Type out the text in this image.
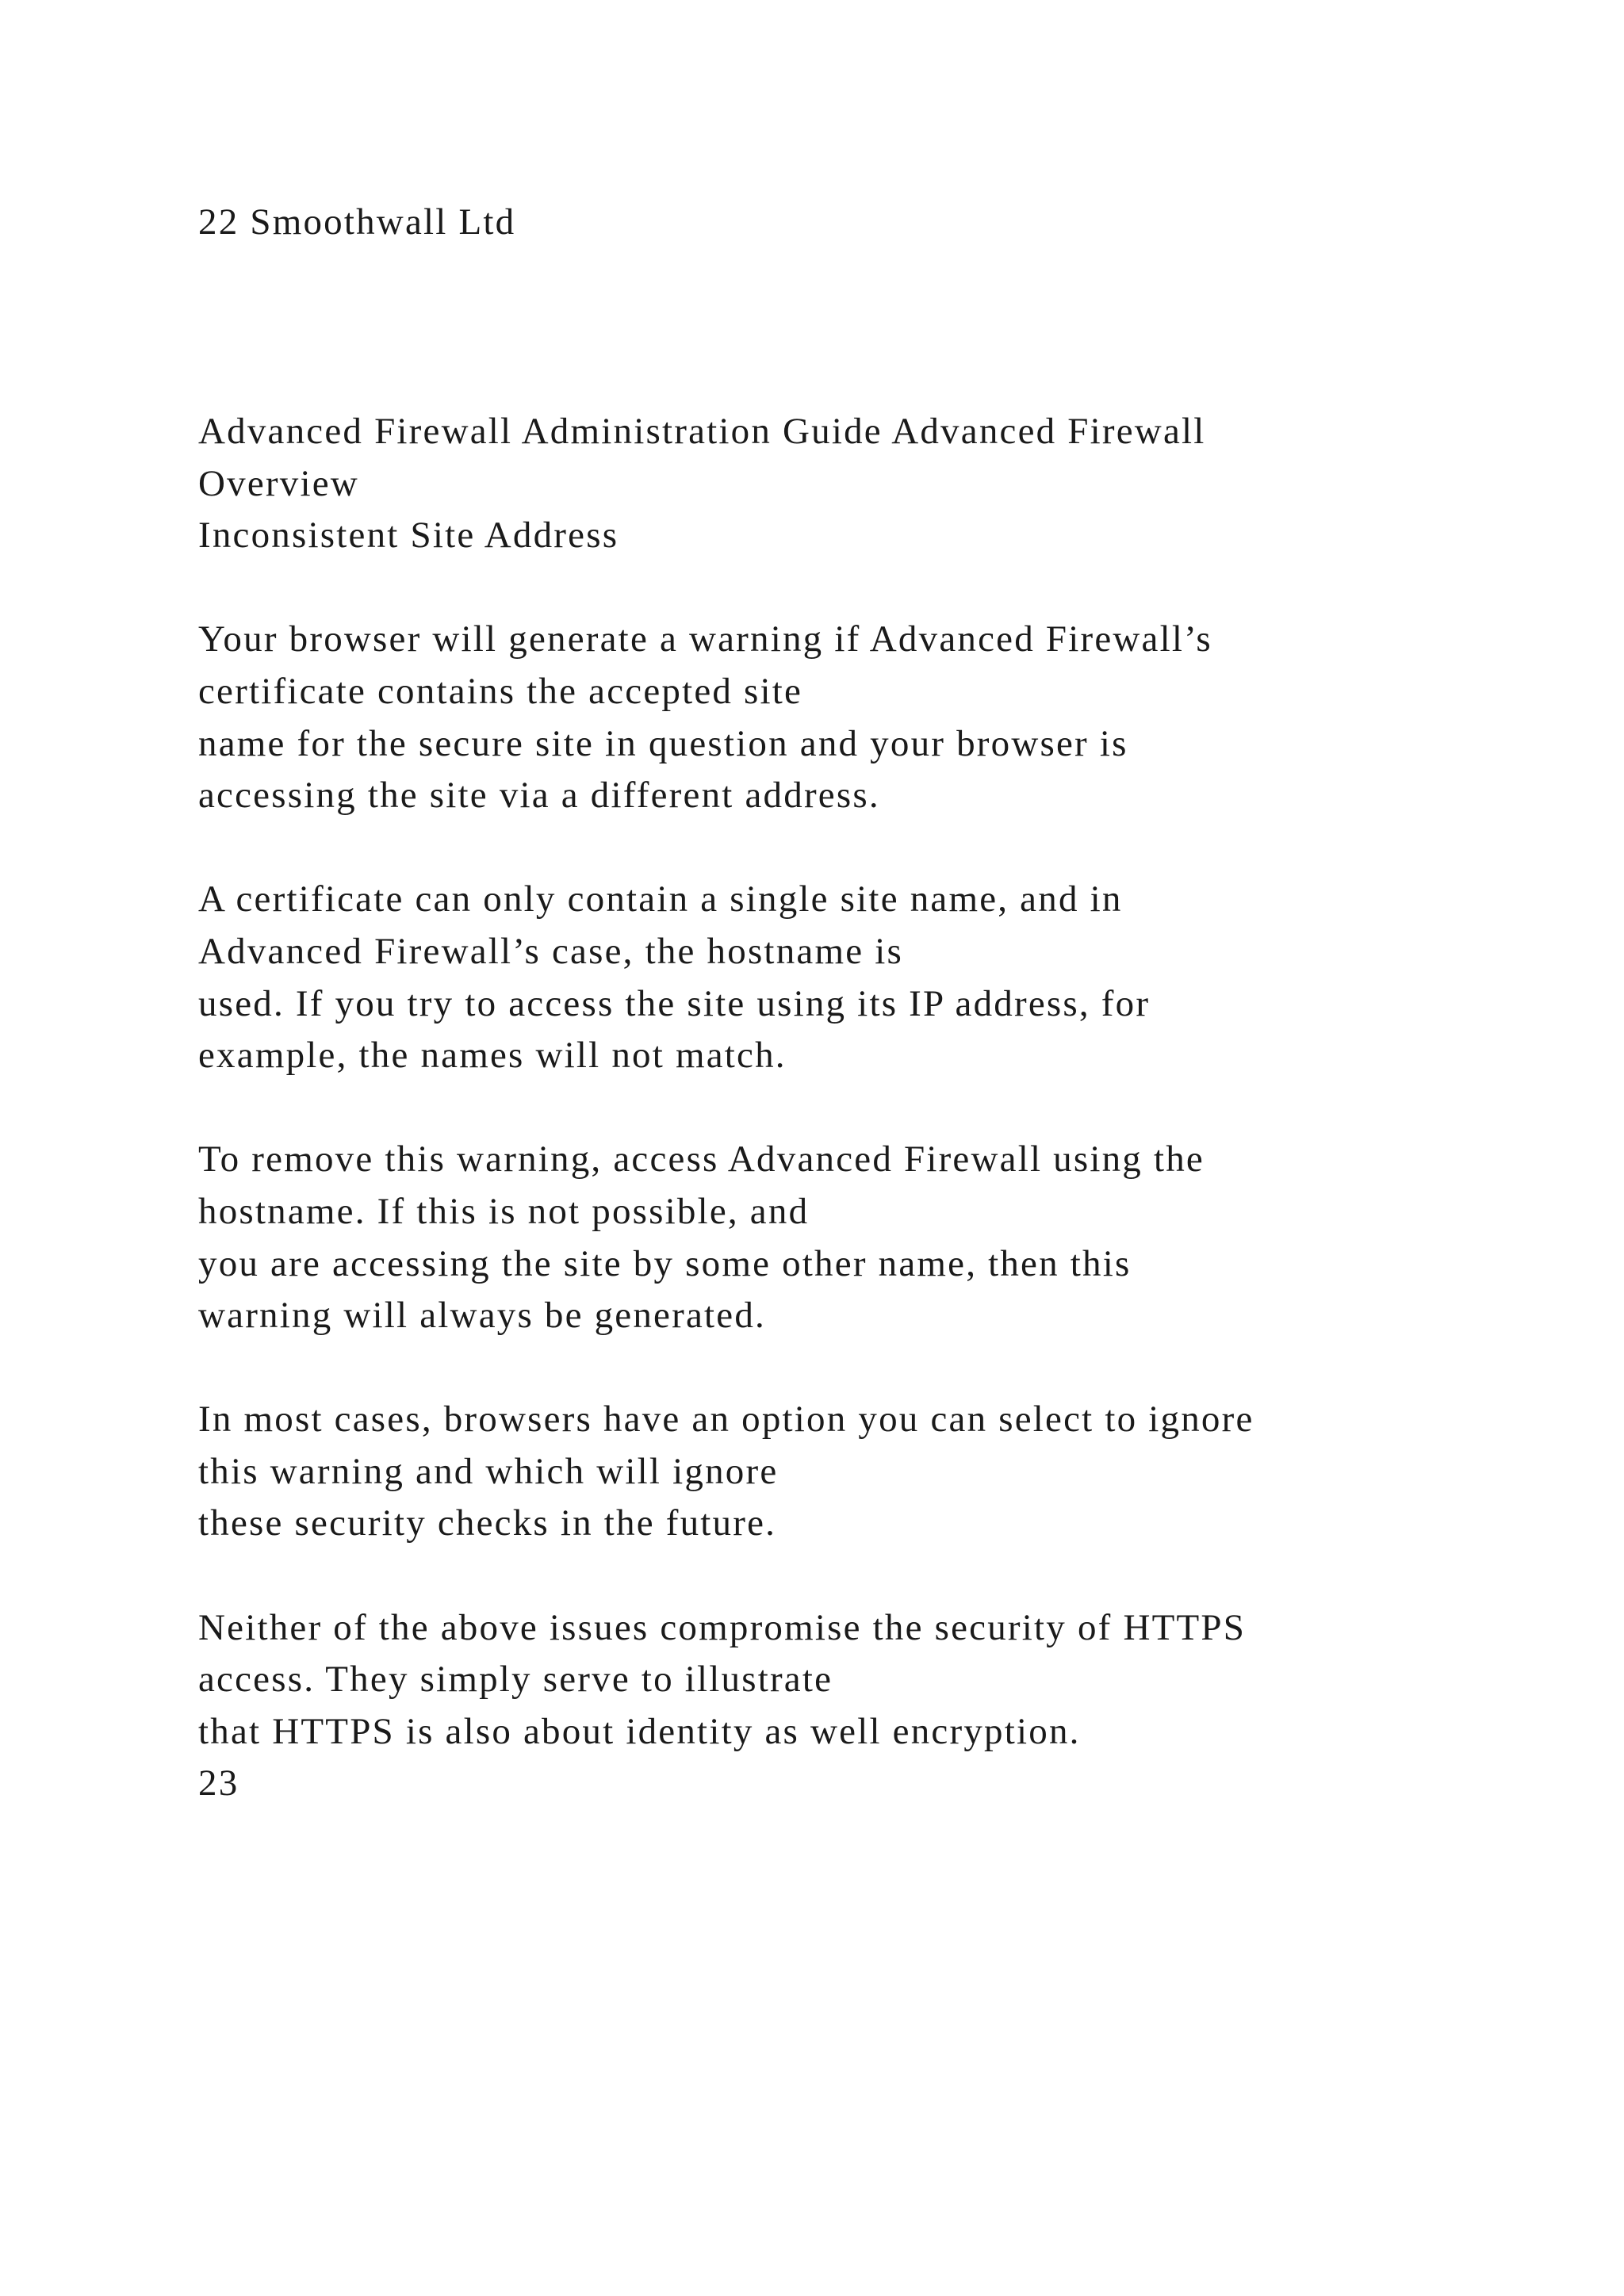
22 Smoothwall Ltd
Advanced Firewall Administration Guide Advanced Firewall
Overview
Inconsistent Site Address
Your browser will generate a warning if Advanced Firewall’s
certificate contains the accepted site
name for the secure site in question and your browser is
accessing the site via a different address.
A certificate can only contain a single site name, and in
Advanced Firewall’s case, the hostname is
used. If you try to access the site using its IP address, for
example, the names will not match.
To remove this warning, access Advanced Firewall using the
hostname. If this is not possible, and
you are accessing the site by some other name, then this
warning will always be generated.
In most cases, browsers have an option you can select to ignore
this warning and which will ignore
these security checks in the future.
Neither of the above issues compromise the security of HTTPS
access. They simply serve to illustrate
that HTTPS is also about identity as well encryption.
23
